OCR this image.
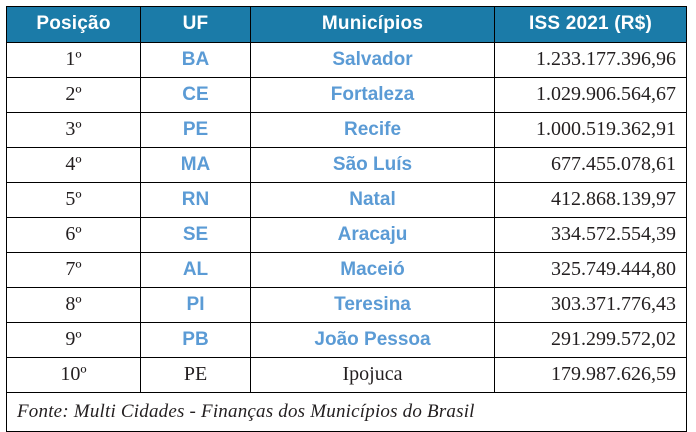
Posição	UF	Municípios	ISS 2021 (R$)
1º	BA	Salvador	1.233.177.396,96
2º	CE	Fortaleza	1.029.906.564,67
3º	PE	Recife	1.000.519.362,91
4º	MA	São Luís	677.455.078,61
5º	RN	Natal	412.868.139,97
6º	SE	Aracaju	334.572.554,39
7º	AL	Maceió	325.749.444,80
8º	PI	Teresina	303.371.776,43
9º	PB	João Pessoa	291.299.572,02
10º	PE	Ipojuca	179.987.626,59
Fonte: Multi Cidades - Finanças dos Municípios do Brasil			
